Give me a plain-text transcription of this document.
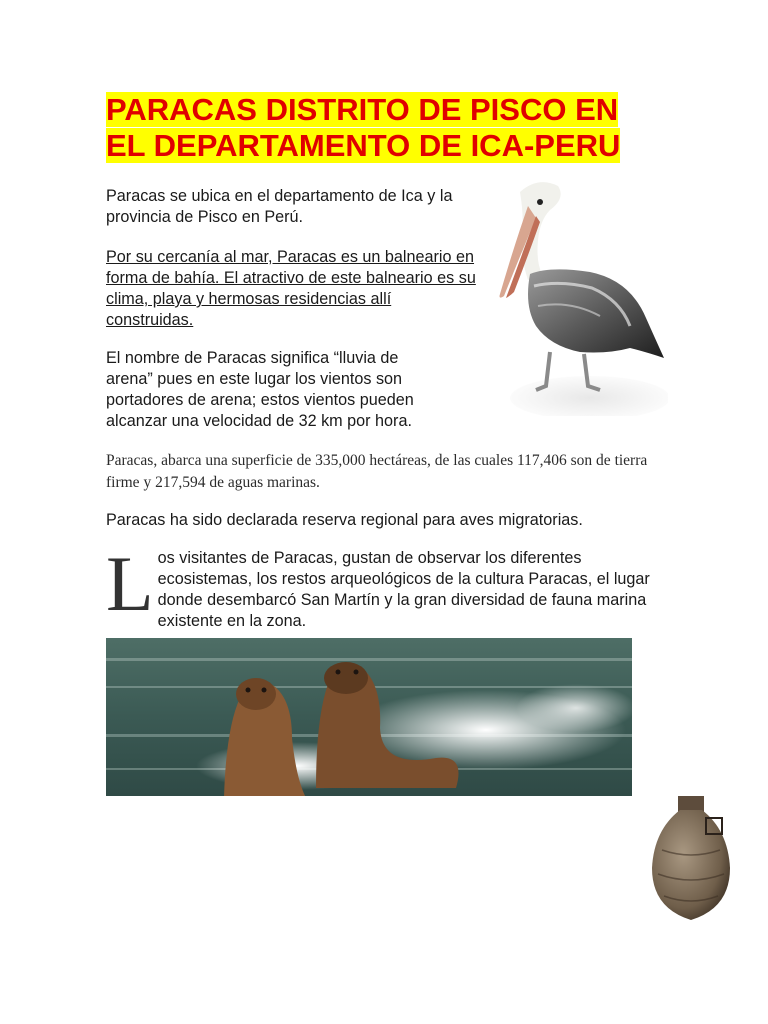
PARACAS DISTRITO DE PISCO EN EL DEPARTAMENTO DE ICA-PERU

Paracas se ubica en el departamento de Ica y la provincia de Pisco en Perú.

Por su cercanía al mar, Paracas es un balneario en forma de bahía. El atractivo de este balneario es su clima, playa y hermosas residencias allí construidas.

El nombre de Paracas significa “lluvia de arena” pues en este lugar los vientos son portadores de arena; estos vientos pueden alcanzar una velocidad de 32 km por hora.

Paracas, abarca una superficie de 335,000 hectáreas, de las cuales 117,406 son de tierra firme y 217,594 de aguas marinas.

Paracas ha sido declarada reserva regional para aves migratorias.

Los visitantes de Paracas, gustan de observar los diferentes ecosistemas, los restos arqueológicos de la cultura Paracas, el lugar donde desembarcó San Martín y la gran diversidad de fauna marina existente en la zona.
